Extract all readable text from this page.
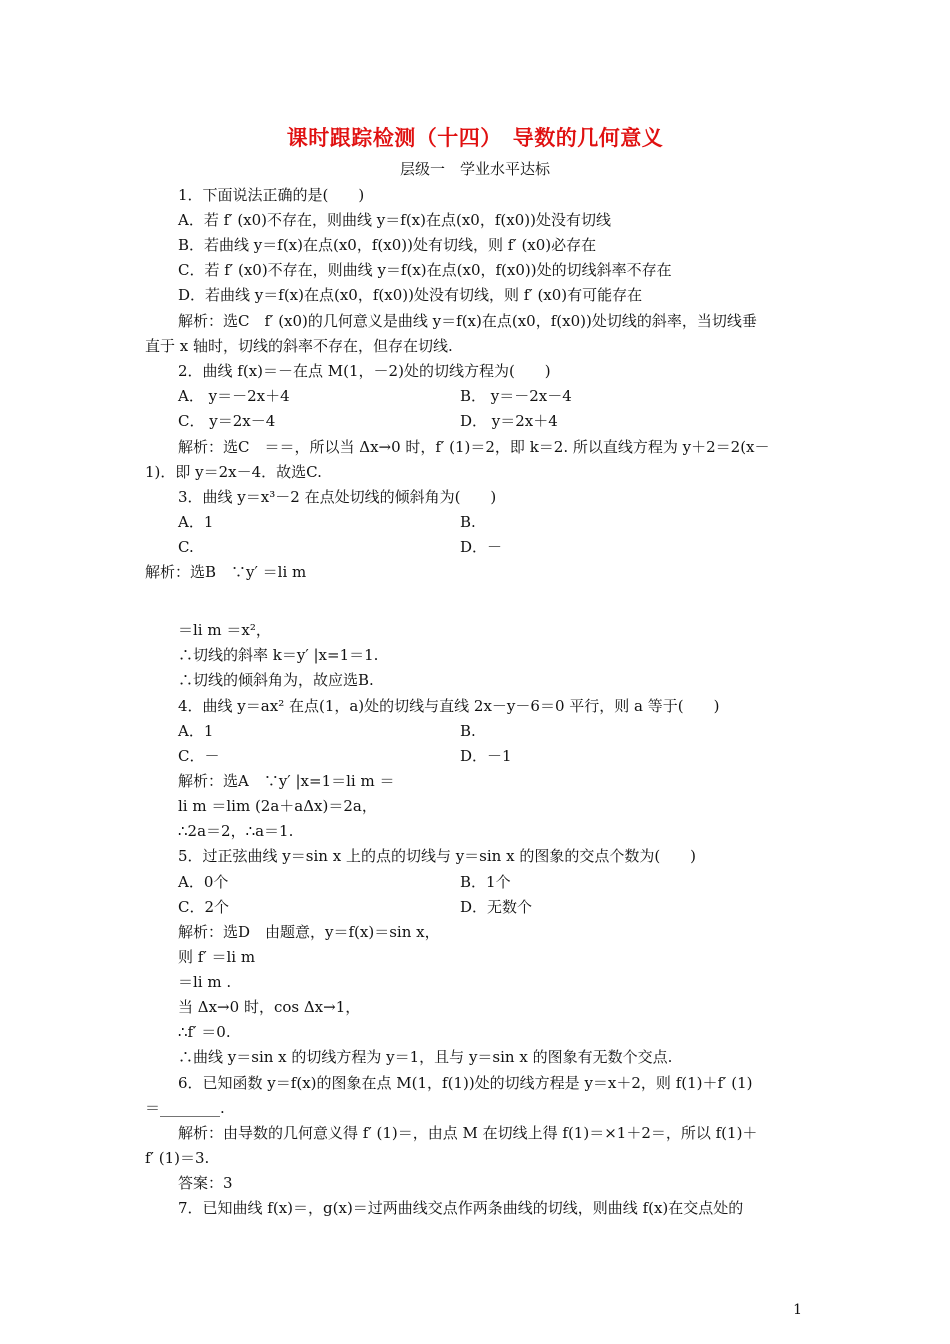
课时跟踪检测（十四）　导数的几何意义
层级一　学业水平达标
1．下面说法正确的是(　　)
A．若 f′ (x0)不存在，则曲线 y＝f(x)在点(x0，f(x0))处没有切线
B．若曲线 y＝f(x)在点(x0，f(x0))处有切线，则 f′ (x0)必存在
C．若 f′ (x0)不存在，则曲线 y＝f(x)在点(x0，f(x0))处的切线斜率不存在
D．若曲线 y＝f(x)在点(x0，f(x0))处没有切线，则 f′ (x0)有可能存在
解析：选C　f′ (x0)的几何意义是曲线 y＝f(x)在点(x0，f(x0))处切线的斜率，当切线垂
直于 x 轴时，切线的斜率不存在，但存在切线.
2．曲线 f(x)＝－在点 M(1，－2)处的切线方程为(　　)
A． y＝－2x＋4	B． y＝－2x－4
C． y＝2x－4	D． y＝2x＋4
解析：选C　＝＝，所以当 Δx→0 时，f′ (1)＝2，即 k＝2. 所以直线方程为 y＋2＝2(x－
1)．即 y＝2x－4．故选C.
3．曲线 y＝x³－2 在点处切线的倾斜角为(　　)
A．1	B.
C.	D．－
解析：选B　∵y′ ＝li m
＝li m ＝x²，
∴切线的斜率 k＝y′ |x=1＝1.
∴切线的倾斜角为，故应选B.
4．曲线 y＝ax² 在点(1，a)处的切线与直线 2x－y－6＝0 平行，则 a 等于(　　)
A．1	B.
C．－	D．－1
解析：选A　∵y′ |x=1＝li m ＝
li m ＝lim (2a＋aΔx)＝2a，
∴2a＝2，∴a＝1.
5．过正弦曲线 y＝sin x 上的点的切线与 y＝sin x 的图象的交点个数为(　　)
A．0个	B．1个
C．2个	D．无数个
解析：选D　由题意，y＝f(x)＝sin x，
则 f′ ＝li m
＝li m .
当 Δx→0 时，cos Δx→1，
∴f′ ＝0.
∴曲线 y＝sin x 的切线方程为 y＝1，且与 y＝sin x 的图象有无数个交点.
6．已知函数 y＝f(x)的图象在点 M(1，f(1))处的切线方程是 y＝x＋2，则 f(1)＋f′ (1)
＝________.
解析：由导数的几何意义得 f′ (1)＝，由点 M 在切线上得 f(1)＝×1＋2＝，所以 f(1)＋
f′ (1)＝3.
答案：3
7．已知曲线 f(x)＝，g(x)＝过两曲线交点作两条曲线的切线，则曲线 f(x)在交点处的
1
